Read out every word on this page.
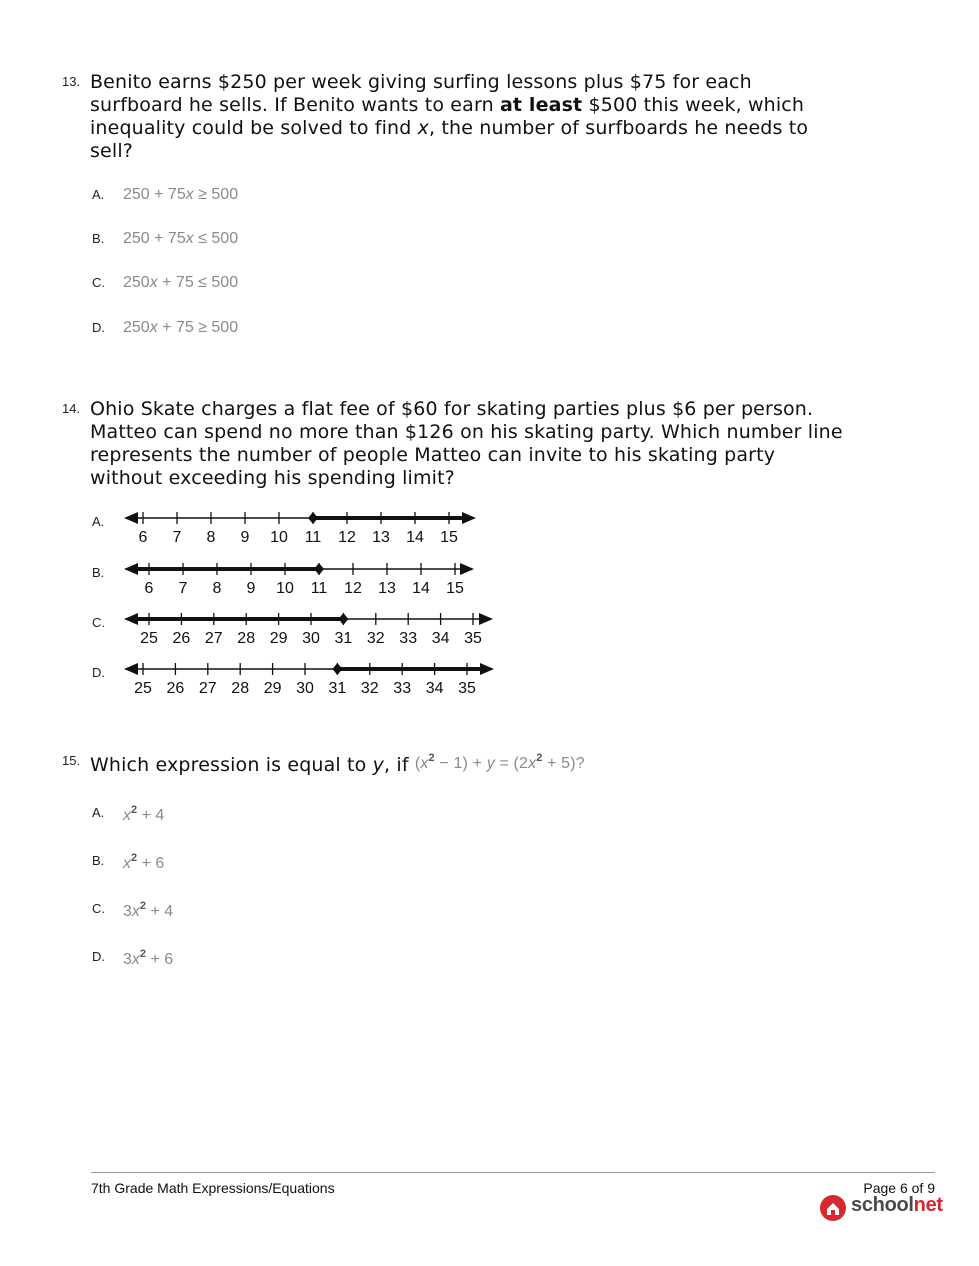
13. Benito earns $250 per week giving surfing lessons plus $75 for each surfboard he sells. If Benito wants to earn at least $500 this week, which inequality could be solved to find x, the number of surfboards he needs to sell?
A. 250 + 75x ≥ 500
B. 250 + 75x ≤ 500
C. 250x + 75 ≤ 500
D. 250x + 75 ≥ 500
14. Ohio Skate charges a flat fee of $60 for skating parties plus $6 per person. Matteo can spend no more than $126 on his skating party. Which number line represents the number of people Matteo can invite to his skating party without exceeding his spending limit?
A.
B.
C.
D.
6 7 8 9 10 11 12 13 14 15
6 7 8 9 10 11 12 13 14 15
25 26 27 28 29 30 31 32 33 34 35
25 26 27 28 29 30 31 32 33 34 35
15. Which expression is equal to y, if $(x^2 - 1) + y = (2x^2 + 5)$?
A. $x^2 + 4$
B. $x^2 + 6$
C. $3x^2 + 4$
D. $3x^2 + 6$
7th Grade Math Expressions/Equations	Page 6 of 9
schoolnet
